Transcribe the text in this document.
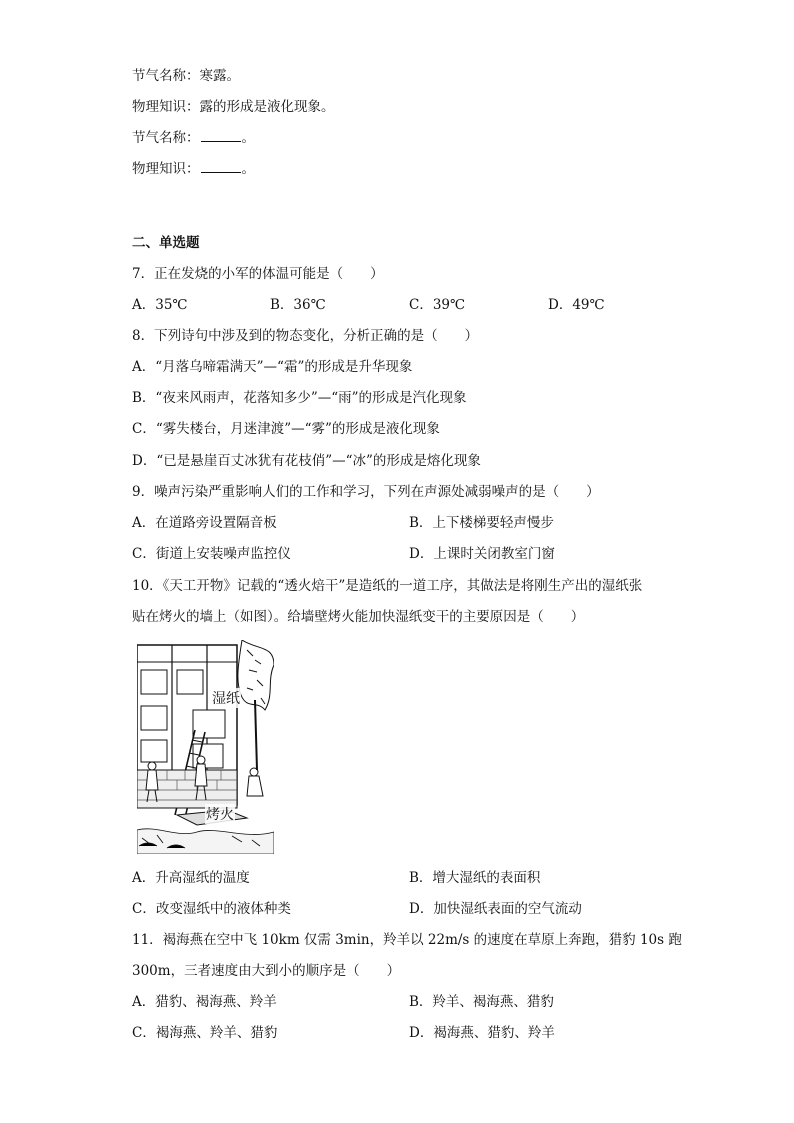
节气名称：寒露。
物理知识：露的形成是液化现象。
节气名称：	。
物理知识：	。
二、单选题
7．正在发烧的小军的体温可能是（　　）
A．35℃	B．36℃	C．39℃	D．49℃
8．下列诗句中涉及到的物态变化，分析正确的是（　　）
A．“月落乌啼霜满天”—“霜”的形成是升华现象
B．“夜来风雨声，花落知多少”—“雨”的形成是汽化现象
C．“雾失楼台，月迷津渡”—“雾”的形成是液化现象
D．“已是悬崖百丈冰犹有花枝俏”—“冰”的形成是熔化现象
9．噪声污染严重影响人们的工作和学习，下列在声源处减弱噪声的是（　　）
A．在道路旁设置隔音板	B．上下楼梯要轻声慢步
C．街道上安装噪声监控仪	D．上课时关闭教室门窗
10．《天工开物》记载的“透火焙干”是造纸的一道工序，其做法是将刚生产出的湿纸张
贴在烤火的墙上（如图）。给墙壁烤火能加快湿纸变干的主要原因是（　　）
湿纸
烤火
A．升高湿纸的温度	B．增大湿纸的表面积
C．改变湿纸中的液体种类	D．加快湿纸表面的空气流动
11．褐海燕在空中飞 10km 仅需 3min，羚羊以 22m/s 的速度在草原上奔跑，猎豹 10s 跑
300m，三者速度由大到小的顺序是（　　）
A．猎豹、褐海燕、羚羊	B．羚羊、褐海燕、猎豹
C．褐海燕、羚羊、猎豹	D．褐海燕、猎豹、羚羊
